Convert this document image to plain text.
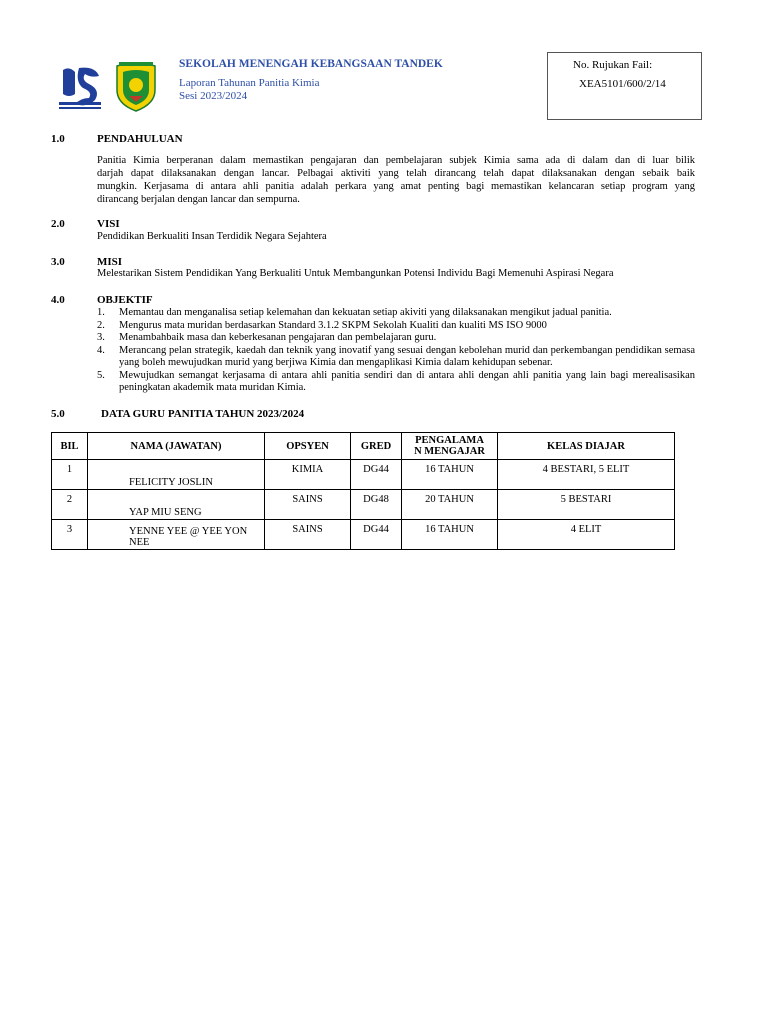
SEKOLAH MENENGAH KEBANGSAAN TANDEK
Laporan Tahunan Panitia Kimia
Sesi 2023/2024
No. Rujukan Fail:
XEA5101/600/2/14
1.0	PENDAHULUAN
Panitia Kimia berperanan dalam memastikan pengajaran dan pembelajaran subjek Kimia sama ada di dalam dan di luar bilik
darjah dapat dilaksanakan dengan lancar. Pelbagai aktiviti yang telah dirancang telah dapat dilaksanakan dengan sebaik baik
mungkin. Kerjasama di antara ahli panitia adalah perkara yang amat penting bagi memastikan kelancaran setiap program yang
dirancang berjalan dengan lancar dan sempurna.
2.0	VISI
Pendidikan Berkualiti Insan Terdidik Negara Sejahtera
3.0	MISI
Melestarikan Sistem Pendidikan Yang Berkualiti Untuk Membangunkan Potensi Individu Bagi Memenuhi Aspirasi Negara
4.0	OBJEKTIF
1. Memantau dan menganalisa setiap kelemahan dan kekuatan setiap akiviti yang dilaksanakan mengikut jadual panitia.
2. Mengurus mata muridan berdasarkan Standard 3.1.2 SKPM Sekolah Kualiti dan kualiti MS ISO 9000
3. Menambahbaik masa dan keberkesanan pengajaran dan pembelajaran guru.
4. Merancang pelan strategik, kaedah dan teknik yang inovatif yang sesuai dengan kebolehan murid dan perkembangan pendidikan semasa yang boleh mewujudkan murid yang berjiwa Kimia dan mengaplikasi Kimia dalam kehidupan sebenar.
5. Mewujudkan semangat kerjasama di antara ahli panitia sendiri dan di antara ahli dengan ahli panitia yang lain bagi merealisasikan peningkatan akademik mata muridan Kimia.
5.0	DATA GURU PANITIA TAHUN 2023/2024
BIL	NAMA (JAWATAN)	OPSYEN	GRED	PENGALAMA
N MENGAJAR	KELAS DIAJAR
1	FELICITY JOSLIN	KIMIA	DG44	16 TAHUN	4 BESTARI, 5 ELIT
2	YAP MIU SENG	SAINS	DG48	20 TAHUN	5 BESTARI
3	YENNE YEE @ YEE YON NEE	SAINS	DG44	16 TAHUN	4 ELIT
